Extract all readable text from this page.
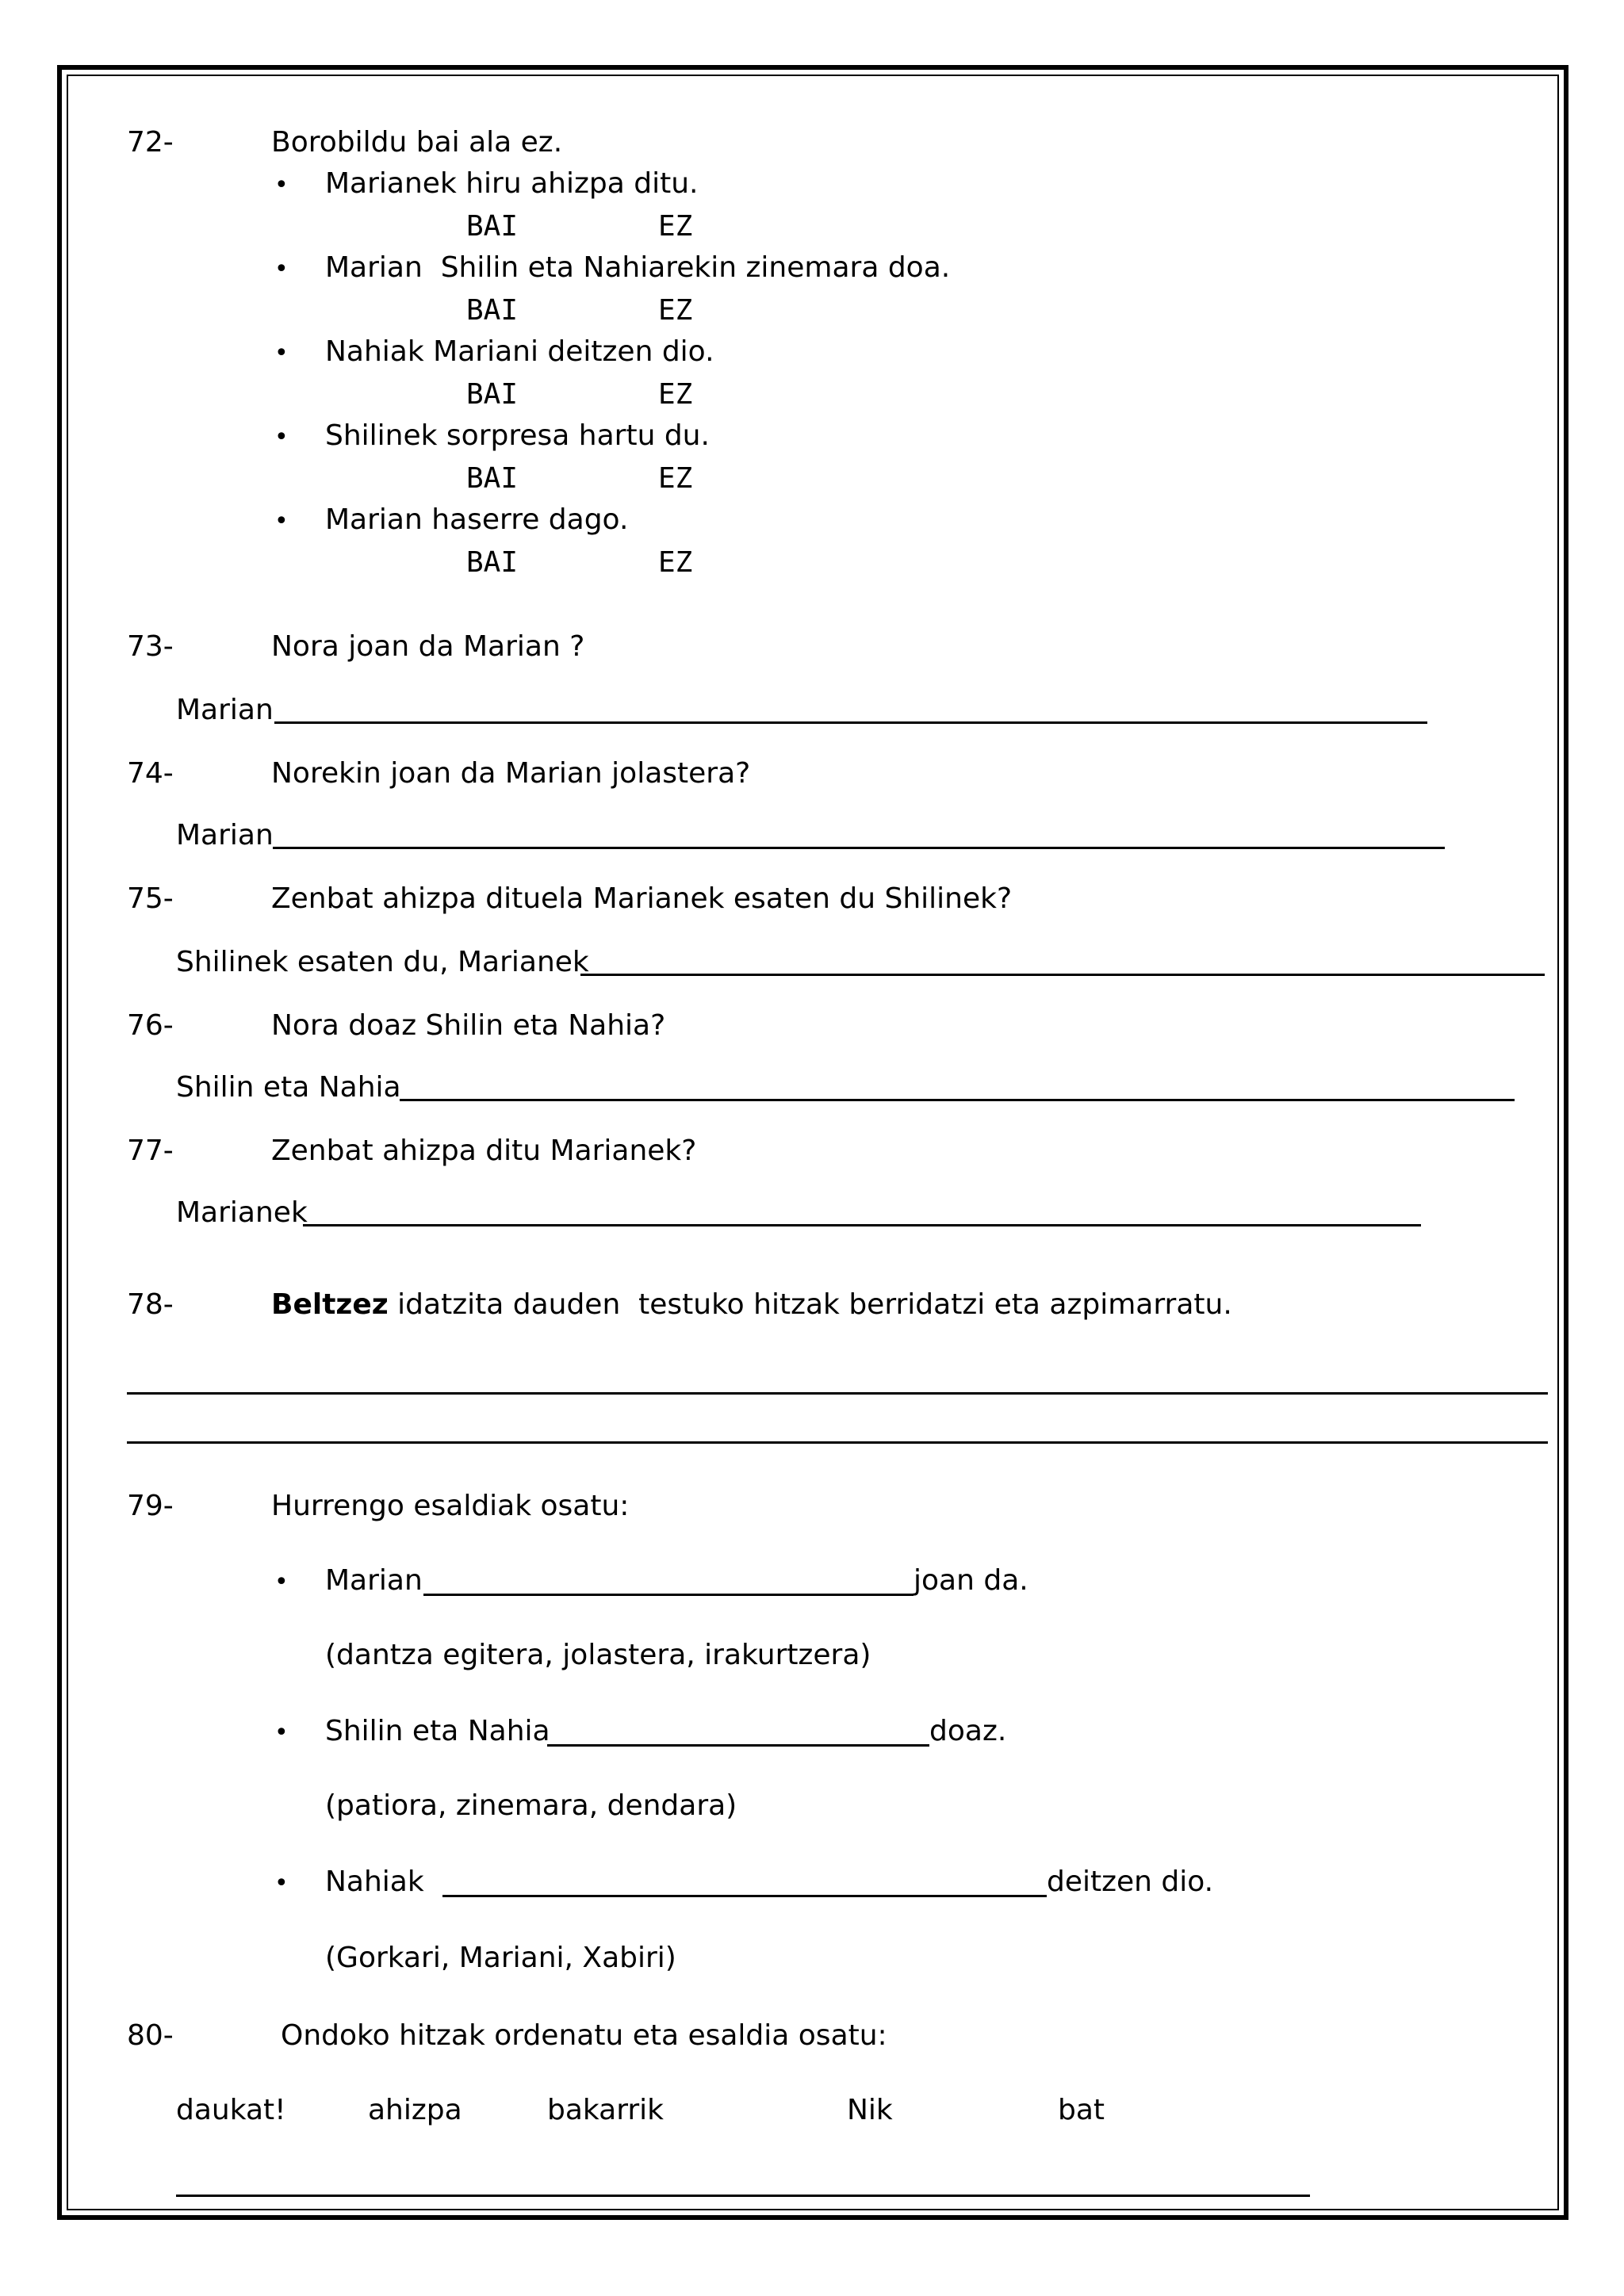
72-	Borobildu bai ala ez.
• Marianek hiru ahizpa ditu.
BAI	EZ
• Marian  Shilin eta Nahiarekin zinemara doa.
BAI	EZ
• Nahiak Mariani deitzen dio.
BAI	EZ
• Shilinek sorpresa hartu du.
BAI	EZ
• Marian haserre dago.
BAI	EZ
73-	Nora joan da Marian ?
Marian
74-	Norekin joan da Marian jolastera?
Marian
75-	Zenbat ahizpa dituela Marianek esaten du Shilinek?
Shilinek esaten du, Marianek
76-	Nora doaz Shilin eta Nahia?
Shilin eta Nahia
77-	Zenbat ahizpa ditu Marianek?
Marianek
78-	Beltzez idatzita dauden  testuko hitzak berridatzi eta azpimarratu.
79-	Hurrengo esaldiak osatu:
• Marian	joan da.
(dantza egitera, jolastera, irakurtzera)
• Shilin eta Nahia	doaz.
(patiora, zinemara, dendara)
• Nahiak	deitzen dio.
(Gorkari, Mariani, Xabiri)
80-	Ondoko hitzak ordenatu eta esaldia osatu:
daukat!	ahizpa	bakarrik	Nik	bat
